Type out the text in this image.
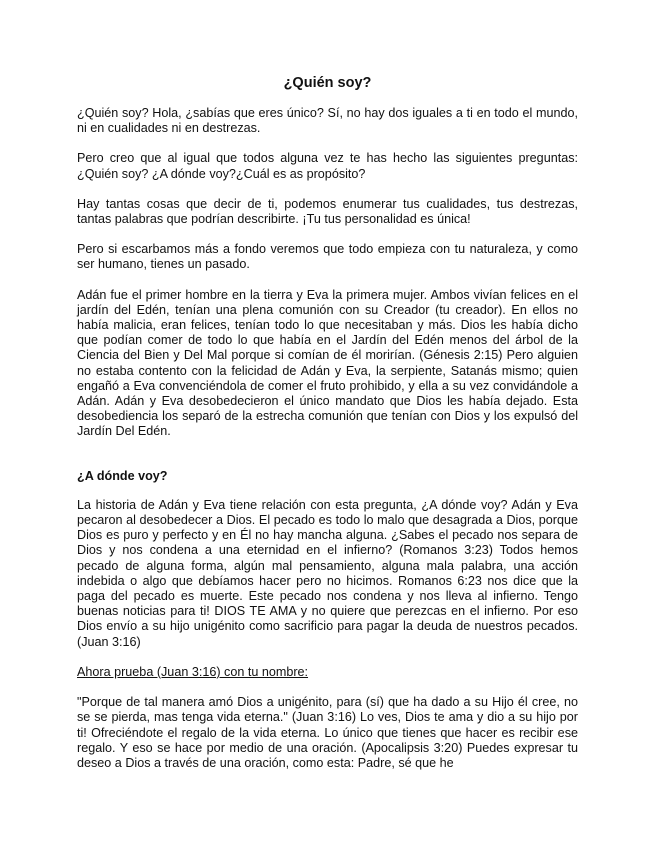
¿Quién soy?

¿Quién soy? Hola, ¿sabías que eres único? Sí, no hay dos iguales a ti en todo el mundo, ni en cualidades ni en destrezas.

Pero creo que al igual que todos alguna vez te has hecho las siguientes preguntas: ¿Quién soy? ¿A dónde voy?¿Cuál es as propósito?

Hay tantas cosas que decir de ti, podemos enumerar tus cualidades, tus destrezas, tantas palabras que podrían describirte. ¡Tu tus personalidad es única!

Pero si escarbamos más a fondo veremos que todo empieza con tu naturaleza, y como ser humano, tienes un pasado.

Adán fue el primer hombre en la tierra y Eva la primera mujer. Ambos vivían felices en el jardín del Edén, tenían una plena comunión con su Creador (tu creador). En ellos no había malicia, eran felices, tenían todo lo que necesitaban y más. Dios les había dicho que podían comer de todo lo que había en el Jardín del Edén menos del árbol de la Ciencia del Bien y Del Mal porque si comían de él morirían. (Génesis 2:15) Pero alguien no estaba contento con la felicidad de Adán y Eva, la serpiente, Satanás mismo; quien engañó a Eva convenciéndola de comer el fruto prohibido, y ella a su vez convidándole a Adán. Adán y Eva desobedecieron el único mandato que Dios les había dejado. Esta desobediencia los separó de la estrecha comunión que tenían con Dios y los expulsó del Jardín Del Edén.

¿A dónde voy?

La historia de Adán y Eva tiene relación con esta pregunta, ¿A dónde voy? Adán y Eva pecaron al desobedecer a Dios. El pecado es todo lo malo que desagrada a Dios, porque Dios es puro y perfecto y en Él no hay mancha alguna. ¿Sabes el pecado nos separa de Dios y nos condena a una eternidad en el infierno? (Romanos 3:23) Todos hemos pecado de alguna forma, algún mal pensamiento, alguna mala palabra, una acción indebida o algo que debíamos hacer pero no hicimos. Romanos 6:23 nos dice que la paga del pecado es muerte. Este pecado nos condena y nos lleva al infierno. Tengo buenas noticias para ti! DIOS TE AMA y no quiere que perezcas en el infierno. Por eso Dios envío a su hijo unigénito como sacrificio para pagar la deuda de nuestros pecados. (Juan 3:16)

Ahora prueba (Juan 3:16) con tu nombre:

"Porque de tal manera amó Dios a unigénito, para (sí) que ha dado a su Hijo él cree, no se se pierda, mas tenga vida eterna." (Juan 3:16) Lo ves, Dios te ama y dio a su hijo por ti! Ofreciéndote el regalo de la vida eterna. Lo único que tienes que hacer es recibir ese regalo. Y eso se hace por medio de una oración. (Apocalipsis 3:20) Puedes expresar tu deseo a Dios a través de una oración, como esta: Padre, sé que he
